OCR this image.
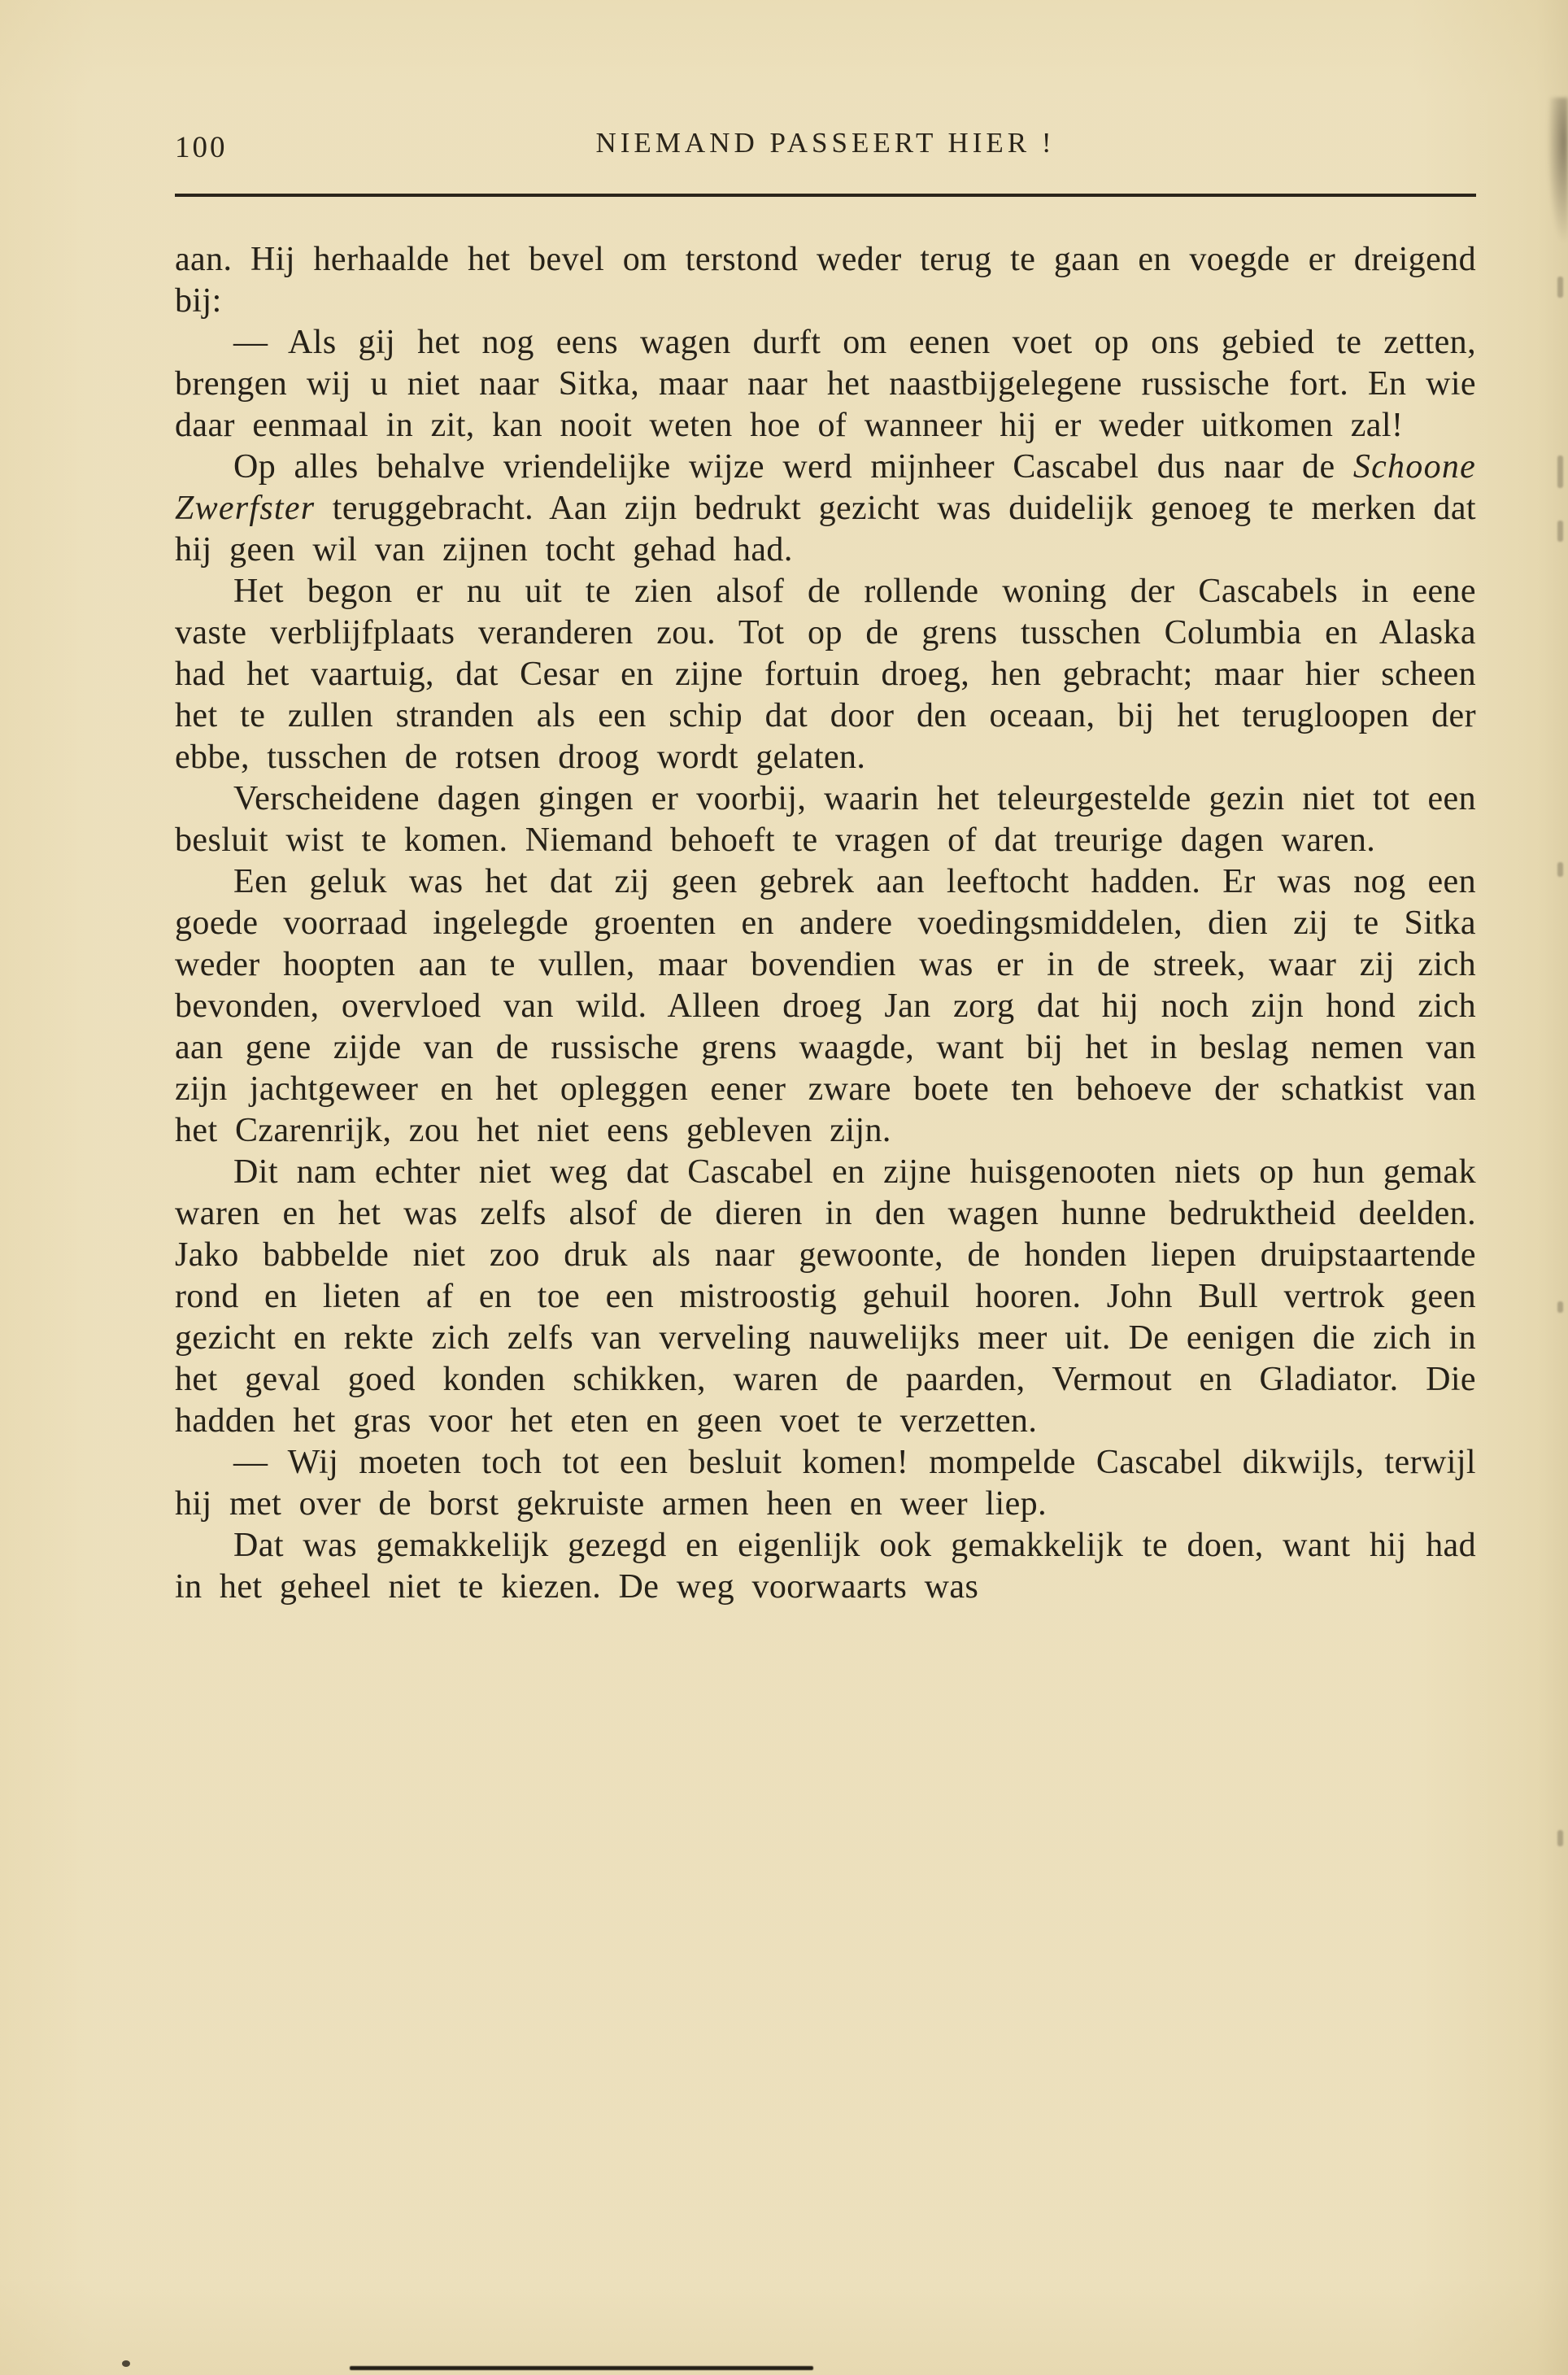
100	NIEMAND PASSEERT HIER !

aan. Hij herhaalde het bevel om terstond weder terug te gaan en voegde er dreigend bij:

— Als gij het nog eens wagen durft om eenen voet op ons gebied te zetten, brengen wij u niet naar Sitka, maar naar het naastbijgelegene russische fort. En wie daar eenmaal in zit, kan nooit weten hoe of wanneer hij er weder uitkomen zal!

Op alles behalve vriendelijke wijze werd mijnheer Cascabel dus naar de Schoone Zwerfster teruggebracht. Aan zijn bedrukt gezicht was duidelijk genoeg te merken dat hij geen wil van zijnen tocht gehad had.

Het begon er nu uit te zien alsof de rollende woning der Cascabels in eene vaste verblijfplaats veranderen zou. Tot op de grens tusschen Columbia en Alaska had het vaartuig, dat Cesar en zijne fortuin droeg, hen gebracht; maar hier scheen het te zullen stranden als een schip dat door den oceaan, bij het terugloopen der ebbe, tusschen de rotsen droog wordt gelaten.

Verscheidene dagen gingen er voorbij, waarin het teleurgestelde gezin niet tot een besluit wist te komen. Niemand behoeft te vragen of dat treurige dagen waren.

Een geluk was het dat zij geen gebrek aan leeftocht hadden. Er was nog een goede voorraad ingelegde groenten en andere voedingsmiddelen, dien zij te Sitka weder hoopten aan te vullen, maar bovendien was er in de streek, waar zij zich bevonden, overvloed van wild. Alleen droeg Jan zorg dat hij noch zijn hond zich aan gene zijde van de russische grens waagde, want bij het in beslag nemen van zijn jachtgeweer en het opleggen eener zware boete ten behoeve der schatkist van het Czarenrijk, zou het niet eens gebleven zijn.

Dit nam echter niet weg dat Cascabel en zijne huisgenooten niets op hun gemak waren en het was zelfs alsof de dieren in den wagen hunne bedruktheid deelden. Jako babbelde niet zoo druk als naar gewoonte, de honden liepen druipstaartende rond en lieten af en toe een mistroostig gehuil hooren. John Bull vertrok geen gezicht en rekte zich zelfs van verveling nauwelijks meer uit. De eenigen die zich in het geval goed konden schikken, waren de paarden, Vermout en Gladiator. Die hadden het gras voor het eten en geen voet te verzetten.

— Wij moeten toch tot een besluit komen! mompelde Cascabel dikwijls, terwijl hij met over de borst gekruiste armen heen en weer liep.

Dat was gemakkelijk gezegd en eigenlijk ook gemakkelijk te doen, want hij had in het geheel niet te kiezen. De weg voorwaarts was
